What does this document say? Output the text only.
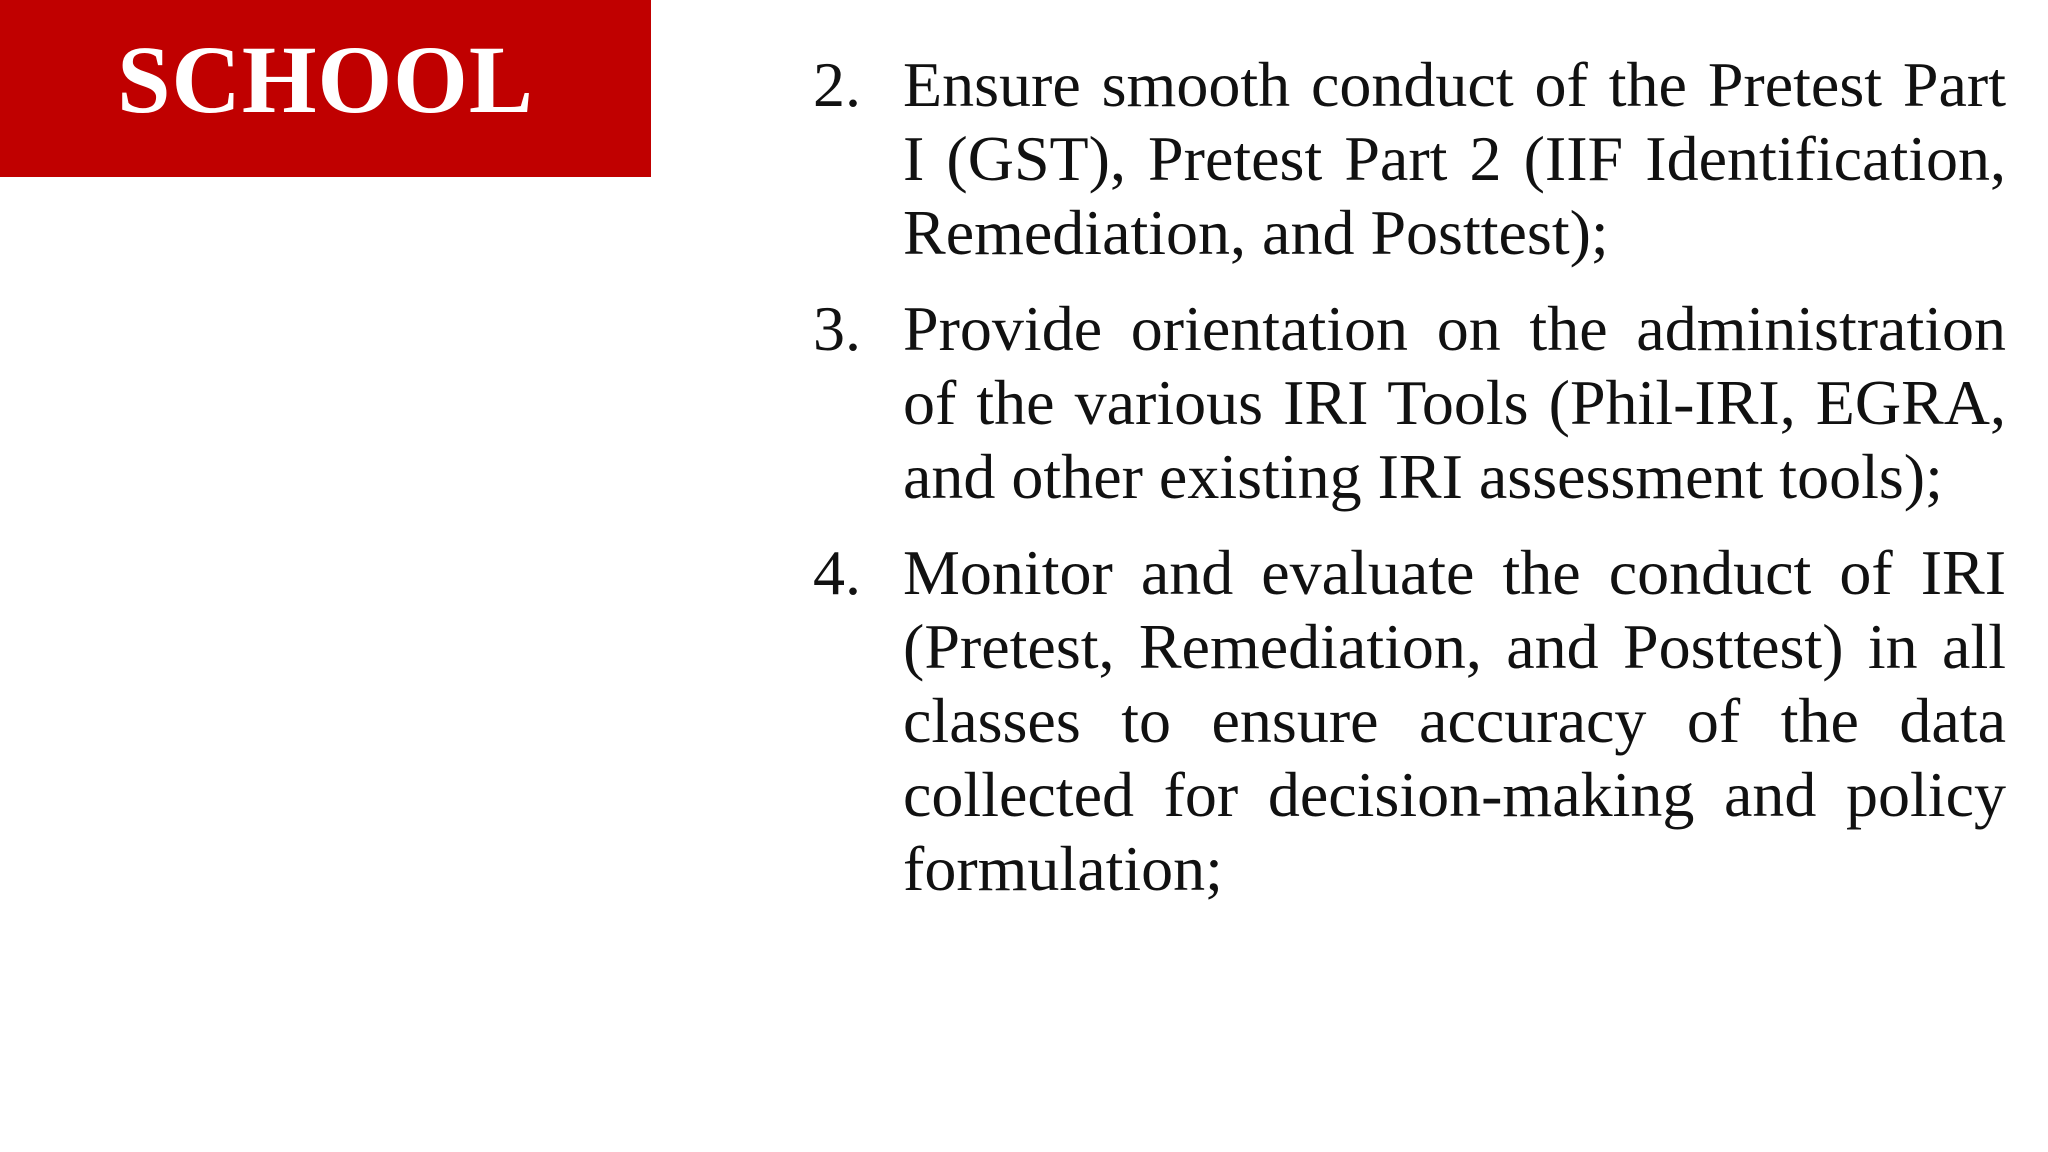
SCHOOL	2. Ensure smooth conduct of the Pretest Part I (GST), Pretest Part 2 (IIF Identification, Remediation, and Posttest);
3. Provide orientation on the administration of the various IRI Tools (Phil-IRI, EGRA, and other existing IRI assessment tools);
4. Monitor and evaluate the conduct of IRI (Pretest, Remediation, and Posttest) in all classes to ensure accuracy of the data collected for decision-making and policy formulation;
